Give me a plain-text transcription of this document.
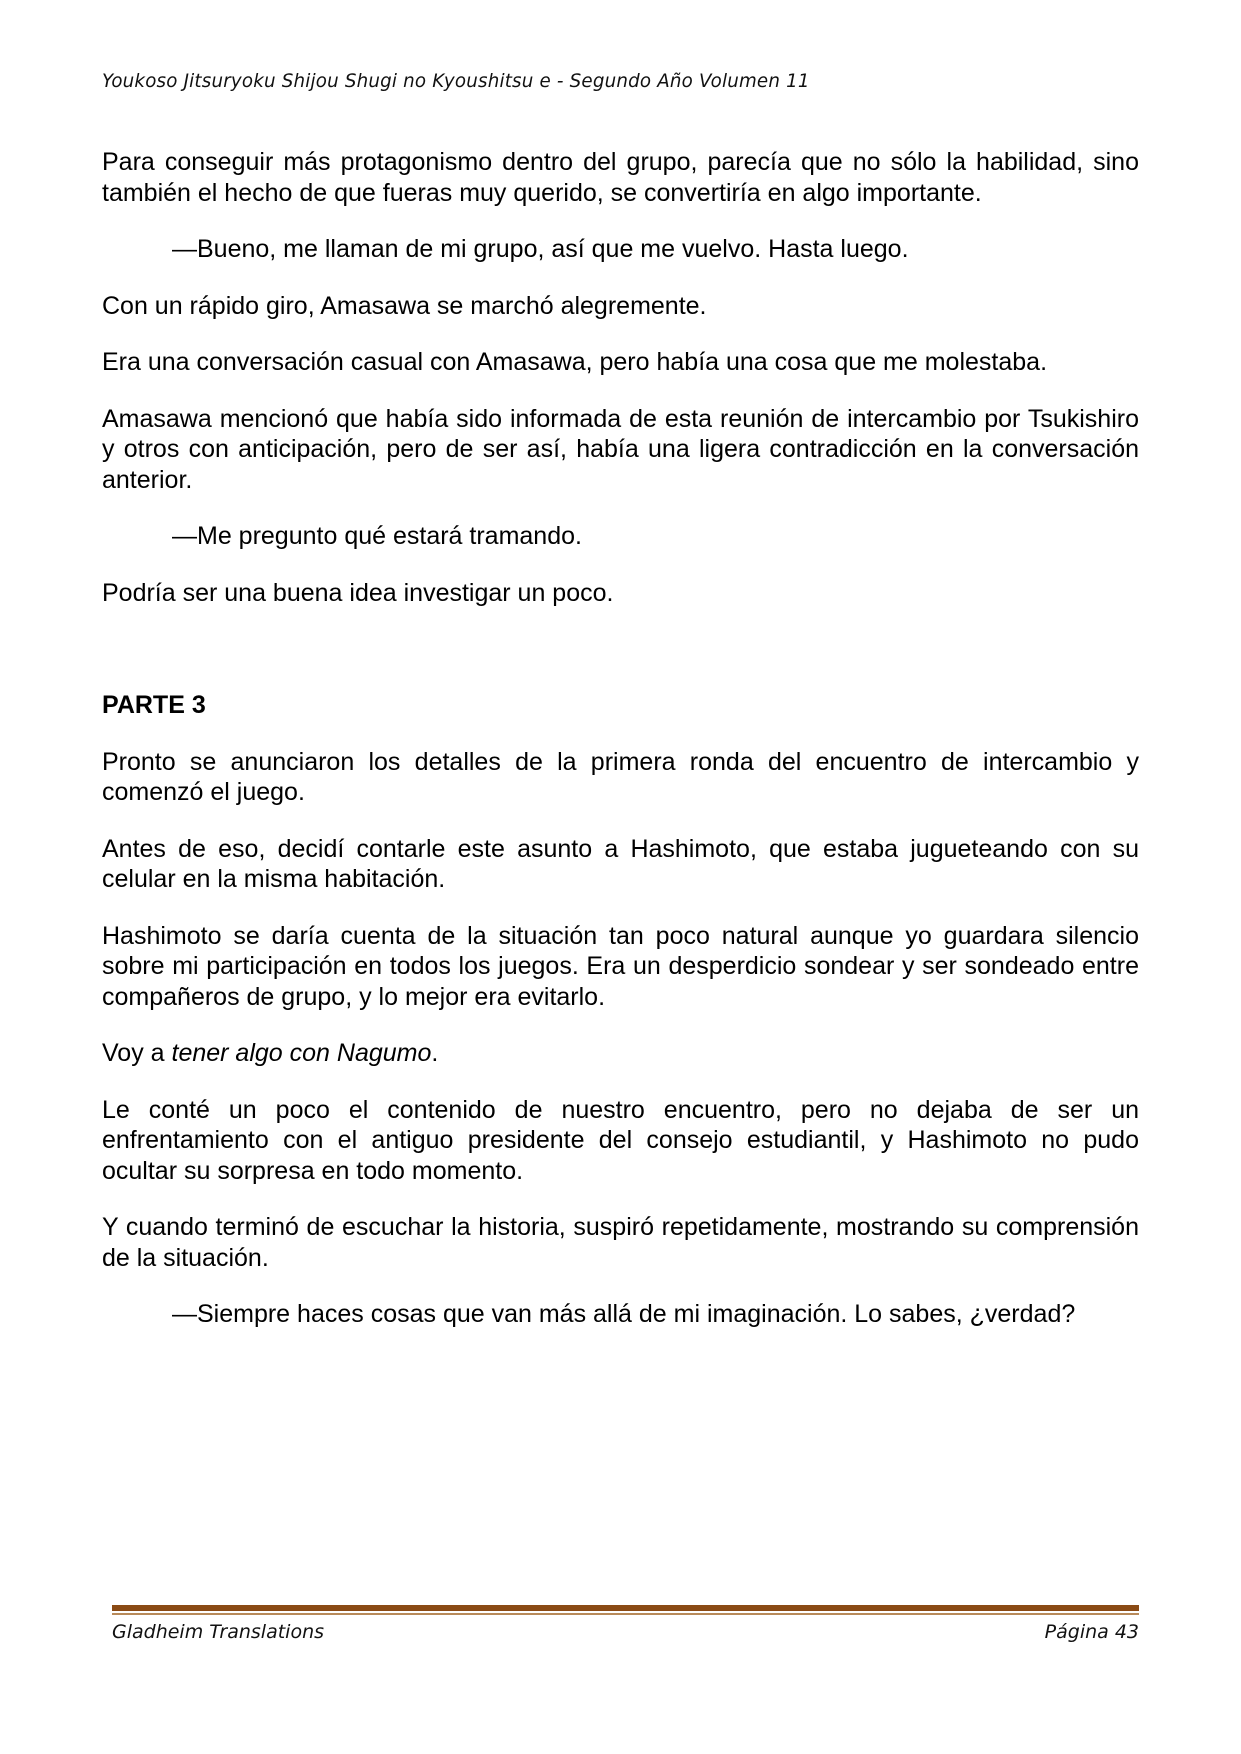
Youkoso Jitsuryoku Shijou Shugi no Kyoushitsu e - Segundo Año Volumen 11

Para conseguir más protagonismo dentro del grupo, parecía que no sólo la habilidad, sino también el hecho de que fueras muy querido, se convertiría en algo importante.

—Bueno, me llaman de mi grupo, así que me vuelvo. Hasta luego.

Con un rápido giro, Amasawa se marchó alegremente.

Era una conversación casual con Amasawa, pero había una cosa que me molestaba.

Amasawa mencionó que había sido informada de esta reunión de intercambio por Tsukishiro y otros con anticipación, pero de ser así, había una ligera contradicción en la conversación anterior.

—Me pregunto qué estará tramando.

Podría ser una buena idea investigar un poco.

PARTE 3

Pronto se anunciaron los detalles de la primera ronda del encuentro de intercambio y comenzó el juego.

Antes de eso, decidí contarle este asunto a Hashimoto, que estaba jugueteando con su celular en la misma habitación.

Hashimoto se daría cuenta de la situación tan poco natural aunque yo guardara silencio sobre mi participación en todos los juegos. Era un desperdicio sondear y ser sondeado entre compañeros de grupo, y lo mejor era evitarlo.

Voy a tener algo con Nagumo.

Le conté un poco el contenido de nuestro encuentro, pero no dejaba de ser un enfrentamiento con el antiguo presidente del consejo estudiantil, y Hashimoto no pudo ocultar su sorpresa en todo momento.

Y cuando terminó de escuchar la historia, suspiró repetidamente, mostrando su comprensión de la situación.

—Siempre haces cosas que van más allá de mi imaginación. Lo sabes, ¿verdad?

Gladheim Translations	Página 43
